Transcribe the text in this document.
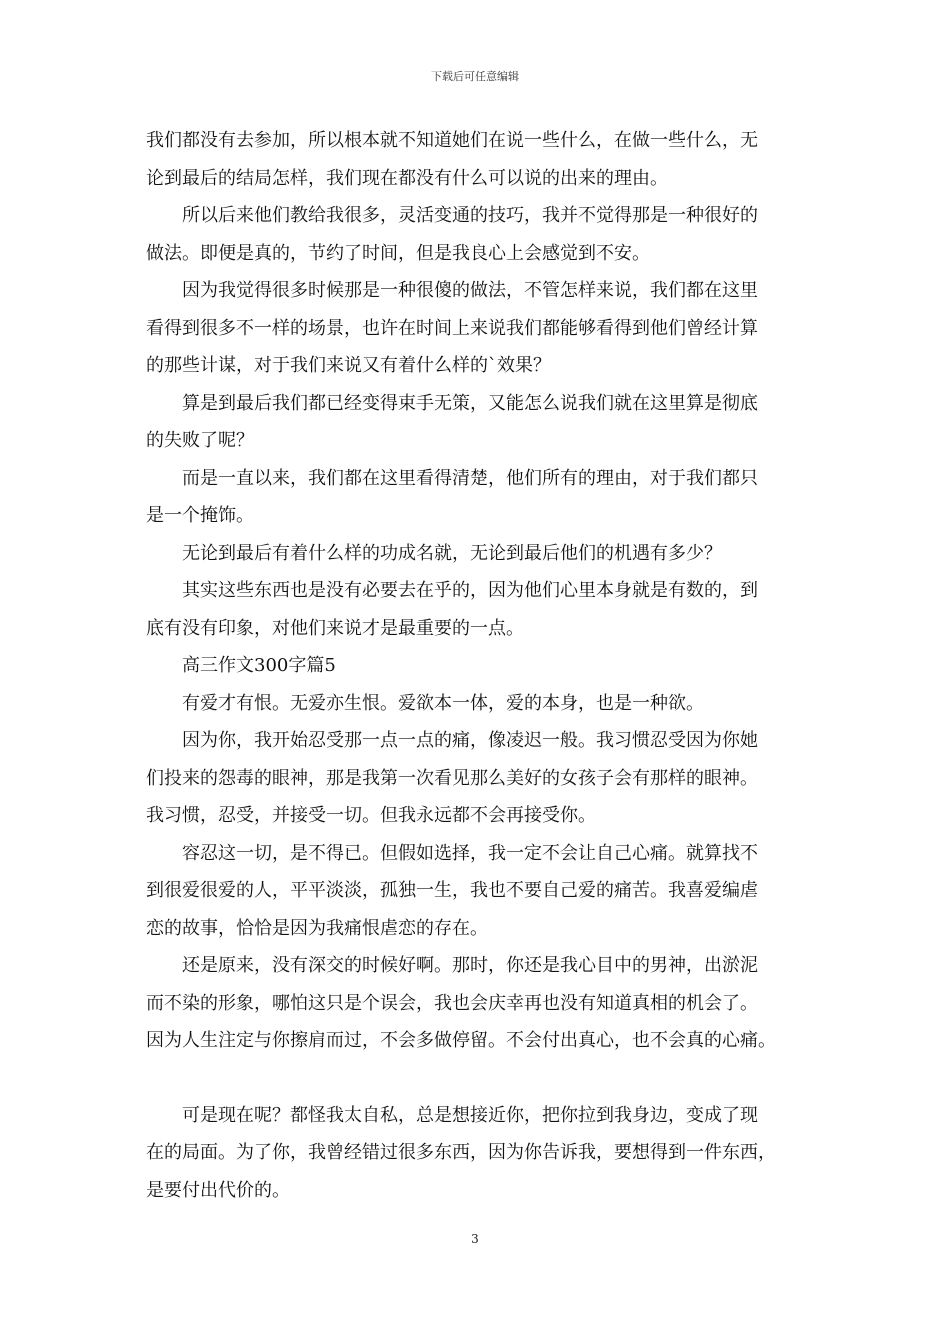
下载后可任意编辑
我们都没有去参加，所以根本就不知道她们在说一些什么，在做一些什么，无
论到最后的结局怎样，我们现在都没有什么可以说的出来的理由。
所以后来他们教给我很多，灵活变通的技巧，我并不觉得那是一种很好的
做法。即便是真的，节约了时间，但是我良心上会感觉到不安。
因为我觉得很多时候那是一种很傻的做法，不管怎样来说，我们都在这里
看得到很多不一样的场景，也许在时间上来说我们都能够看得到他们曾经计算
的那些计谋，对于我们来说又有着什么样的`效果？
算是到最后我们都已经变得束手无策，又能怎么说我们就在这里算是彻底
的失败了呢？
而是一直以来，我们都在这里看得清楚，他们所有的理由，对于我们都只
是一个掩饰。
无论到最后有着什么样的功成名就，无论到最后他们的机遇有多少？
其实这些东西也是没有必要去在乎的，因为他们心里本身就是有数的，到
底有没有印象，对他们来说才是最重要的一点。
高三作文300字篇5
有爱才有恨。无爱亦生恨。爱欲本一体，爱的本身，也是一种欲。
因为你，我开始忍受那一点一点的痛，像凌迟一般。我习惯忍受因为你她
们投来的怨毒的眼神，那是我第一次看见那么美好的女孩子会有那样的眼神。
我习惯，忍受，并接受一切。但我永远都不会再接受你。
容忍这一切，是不得已。但假如选择，我一定不会让自己心痛。就算找不
到很爱很爱的人，平平淡淡，孤独一生，我也不要自己爱的痛苦。我喜爱编虐
恋的故事，恰恰是因为我痛恨虐恋的存在。
还是原来，没有深交的时候好啊。那时，你还是我心目中的男神，出淤泥
而不染的形象，哪怕这只是个误会，我也会庆幸再也没有知道真相的机会了。
因为人生注定与你擦肩而过，不会多做停留。不会付出真心，也不会真的心痛。
可是现在呢？都怪我太自私，总是想接近你，把你拉到我身边，变成了现
在的局面。为了你，我曾经错过很多东西，因为你告诉我，要想得到一件东西，
是要付出代价的。
3
